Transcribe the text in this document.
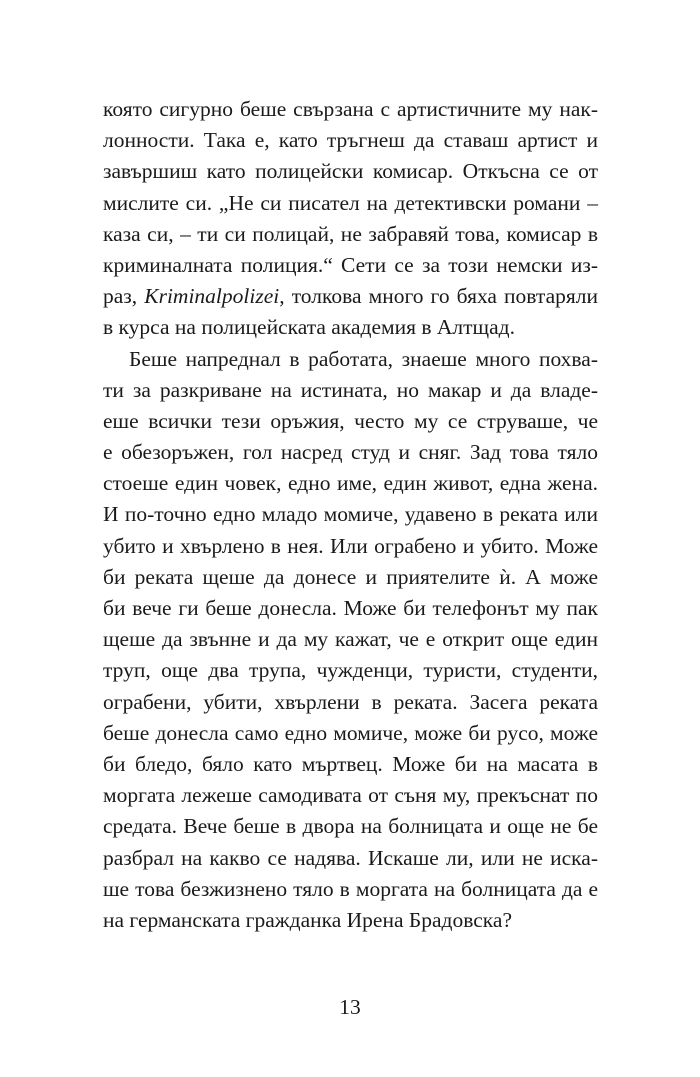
която сигурно беше свързана с артистичните му нак-
лонности. Така е, като тръгнеш да ставаш артист и
завършиш като полицейски комисар. Откъсна се от
мислите си. „Не си писател на детективски романи –
каза си, – ти си полицай, не забравяй това, комисар в
криминалната полиция.“ Сети се за този немски из-
раз, Kriminalpolizei, толкова много го бяха повтаряли
в курса на полицейската академия в Алтщад.
Беше напреднал в работата, знаеше много похва-
ти за разкриване на истината, но макар и да владе-
еше всички тези оръжия, често му се струваше, че
е обезоръжен, гол насред студ и сняг. Зад това тяло
стоеше един човек, едно име, един живот, една жена.
И по-точно едно младо момиче, удавено в реката или
убито и хвърлено в нея. Или ограбено и убито. Може
би реката щеше да донесе и приятелите ѝ. А може
би вече ги беше донесла. Може би телефонът му пак
щеше да звънне и да му кажат, че е открит още един
труп, още два трупа, чужденци, туристи, студенти,
ограбени, убити, хвърлени в реката. Засега реката
беше донесла само едно момиче, може би русо, може
би бледо, бяло като мъртвец. Може би на масата в
моргата лежеше самодивата от съня му, прекъснат по
средата. Вече беше в двора на болницата и още не бе
разбрал на какво се надява. Искаше ли, или не иска-
ше това безжизнено тяло в моргата на болницата да е
на германската гражданка Ирена Брадовска?
13
